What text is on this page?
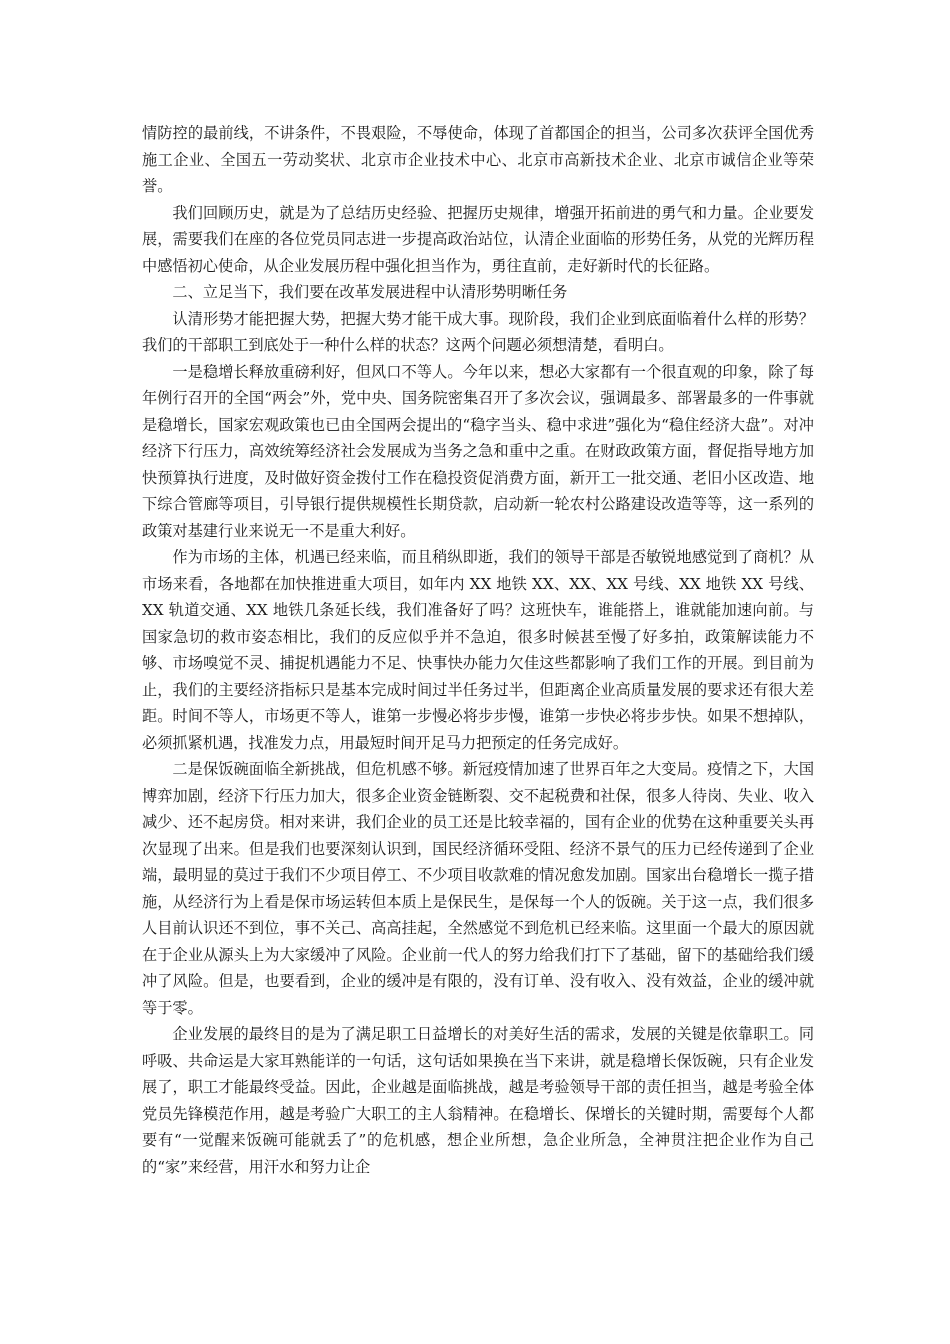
情防控的最前线，不讲条件，不畏艰险，不辱使命，体现了首都国企的担当，公司多次获评全国优秀施工企业、全国五一劳动奖状、北京市企业技术中心、北京市高新技术企业、北京市诚信企业等荣誉。

我们回顾历史，就是为了总结历史经验、把握历史规律，增强开拓前进的勇气和力量。企业要发展，需要我们在座的各位党员同志进一步提高政治站位，认清企业面临的形势任务，从党的光辉历程中感悟初心使命，从企业发展历程中强化担当作为，勇往直前，走好新时代的长征路。

二、立足当下，我们要在改革发展进程中认清形势明晰任务

认清形势才能把握大势，把握大势才能干成大事。现阶段，我们企业到底面临着什么样的形势？我们的干部职工到底处于一种什么样的状态？这两个问题必须想清楚，看明白。

一是稳增长释放重磅利好，但风口不等人。今年以来，想必大家都有一个很直观的印象，除了每年例行召开的全国“两会”外，党中央、国务院密集召开了多次会议，强调最多、部署最多的一件事就是稳增长，国家宏观政策也已由全国两会提出的“稳字当头、稳中求进”强化为“稳住经济大盘”。对冲经济下行压力，高效统筹经济社会发展成为当务之急和重中之重。在财政政策方面，督促指导地方加快预算执行进度，及时做好资金拨付工作在稳投资促消费方面，新开工一批交通、老旧小区改造、地下综合管廊等项目，引导银行提供规模性长期贷款，启动新一轮农村公路建设改造等等，这一系列的政策对基建行业来说无一不是重大利好。

作为市场的主体，机遇已经来临，而且稍纵即逝，我们的领导干部是否敏锐地感觉到了商机？从市场来看，各地都在加快推进重大项目，如年内 XX 地铁 XX、XX、XX 号线、XX 地铁 XX 号线、XX 轨道交通、XX 地铁几条延长线，我们准备好了吗？这班快车，谁能搭上，谁就能加速向前。与国家急切的救市姿态相比，我们的反应似乎并不急迫，很多时候甚至慢了好多拍，政策解读能力不够、市场嗅觉不灵、捕捉机遇能力不足、快事快办能力欠佳这些都影响了我们工作的开展。到目前为止，我们的主要经济指标只是基本完成时间过半任务过半，但距离企业高质量发展的要求还有很大差距。时间不等人，市场更不等人，谁第一步慢必将步步慢，谁第一步快必将步步快。如果不想掉队，必须抓紧机遇，找准发力点，用最短时间开足马力把预定的任务完成好。

二是保饭碗面临全新挑战，但危机感不够。新冠疫情加速了世界百年之大变局。疫情之下，大国博弈加剧，经济下行压力加大，很多企业资金链断裂、交不起税费和社保，很多人待岗、失业、收入减少、还不起房贷。相对来讲，我们企业的员工还是比较幸福的，国有企业的优势在这种重要关头再次显现了出来。但是我们也要深刻认识到，国民经济循环受阻、经济不景气的压力已经传递到了企业端，最明显的莫过于我们不少项目停工、不少项目收款难的情况愈发加剧。国家出台稳增长一揽子措施，从经济行为上看是保市场运转但本质上是保民生，是保每一个人的饭碗。关于这一点，我们很多人目前认识还不到位，事不关己、高高挂起，全然感觉不到危机已经来临。这里面一个最大的原因就在于企业从源头上为大家缓冲了风险。企业前一代人的努力给我们打下了基础，留下的基础给我们缓冲了风险。但是，也要看到，企业的缓冲是有限的，没有订单、没有收入、没有效益，企业的缓冲就等于零。

企业发展的最终目的是为了满足职工日益增长的对美好生活的需求，发展的关键是依靠职工。同呼吸、共命运是大家耳熟能详的一句话，这句话如果换在当下来讲，就是稳增长保饭碗，只有企业发展了，职工才能最终受益。因此，企业越是面临挑战，越是考验领导干部的责任担当，越是考验全体党员先锋模范作用，越是考验广大职工的主人翁精神。在稳增长、保增长的关键时期，需要每个人都要有“一觉醒来饭碗可能就丢了”的危机感，想企业所想，急企业所急，全神贯注把企业作为自己的“家”来经营，用汗水和努力让企
